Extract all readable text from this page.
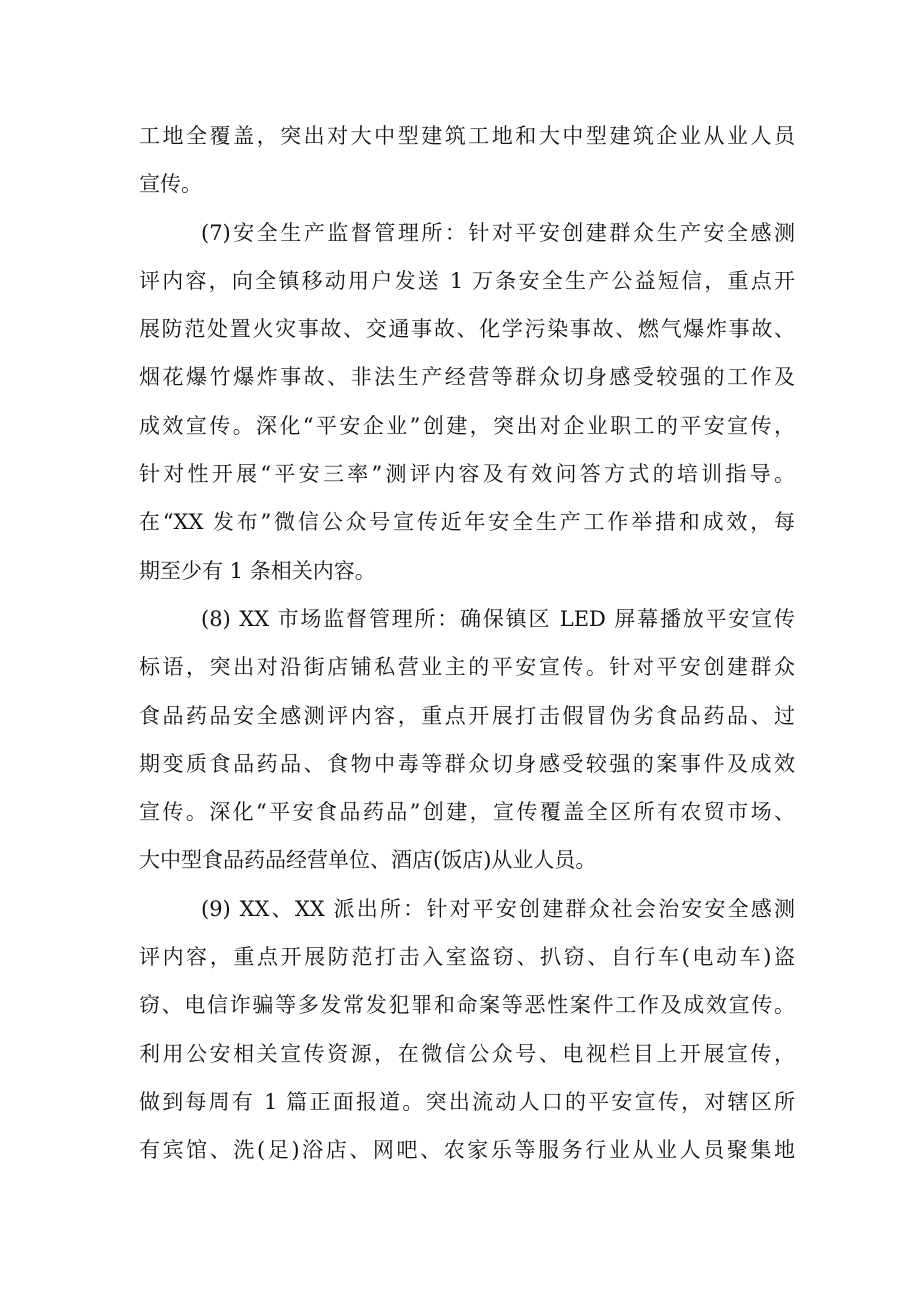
工地全覆盖，突出对大中型建筑工地和大中型建筑企业从业人员
宣传。
(7)安全生产监督管理所：针对平安创建群众生产安全感测
评内容，向全镇移动用户发送 1 万条安全生产公益短信，重点开
展防范处置火灾事故、交通事故、化学污染事故、燃气爆炸事故、
烟花爆竹爆炸事故、非法生产经营等群众切身感受较强的工作及
成效宣传。深化“平安企业”创建，突出对企业职工的平安宣传，
针对性开展“平安三率”测评内容及有效问答方式的培训指导。
在“XX 发布”微信公众号宣传近年安全生产工作举措和成效，每
期至少有 1 条相关内容。
(8) XX 市场监督管理所：确保镇区 LED 屏幕播放平安宣传
标语，突出对沿街店铺私营业主的平安宣传。针对平安创建群众
食品药品安全感测评内容，重点开展打击假冒伪劣食品药品、过
期变质食品药品、食物中毒等群众切身感受较强的案事件及成效
宣传。深化“平安食品药品”创建，宣传覆盖全区所有农贸市场、
大中型食品药品经营单位、酒店(饭店)从业人员。
(9) XX、XX 派出所：针对平安创建群众社会治安安全感测
评内容，重点开展防范打击入室盗窃、扒窃、自行车(电动车)盗
窃、电信诈骗等多发常发犯罪和命案等恶性案件工作及成效宣传。
利用公安相关宣传资源，在微信公众号、电视栏目上开展宣传，
做到每周有 1 篇正面报道。突出流动人口的平安宣传，对辖区所
有宾馆、洗(足)浴店、网吧、农家乐等服务行业从业人员聚集地
